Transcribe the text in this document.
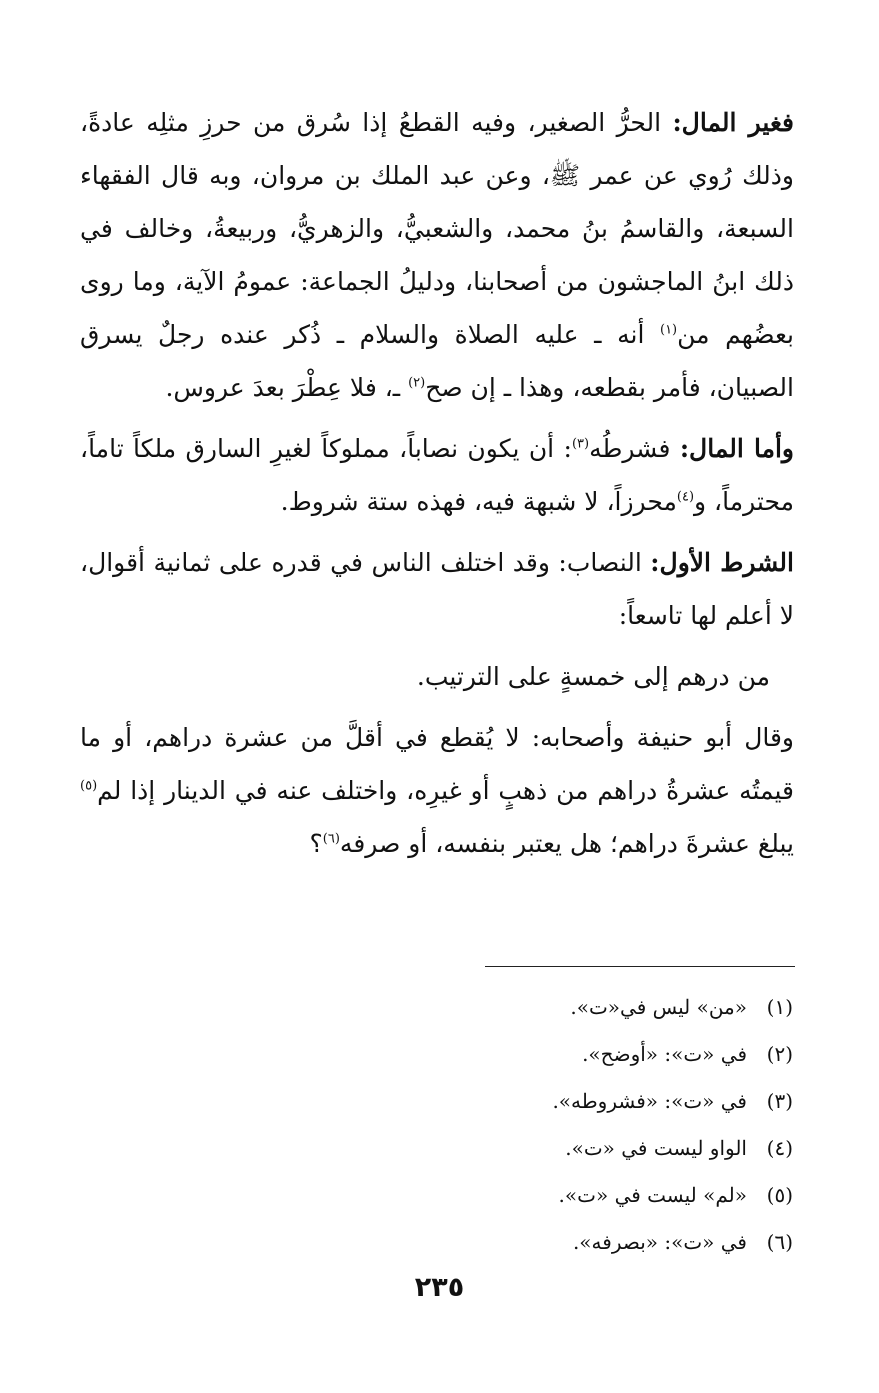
فغير المال: الحرُّ الصغير، وفيه القطعُ إذا سُرق من حرزِ مثلِه عادةً، وذلك رُوي عن عمر ﷺ، وعن عبد الملك بن مروان، وبه قال الفقهاء السبعة، والقاسمُ بنُ محمد، والشعبيُّ، والزهريُّ، وربيعةُ، وخالف في ذلك ابنُ الماجشون من أصحابنا، ودليلُ الجماعة: عمومُ الآية، وما روى بعضُهم من$^{(١)}$ أنه ـ عليه الصلاة والسلام ـ ذُكر عنده رجلٌ يسرق الصبيان، فأمر بقطعه، وهذا ـ إن صح$^{(٢)}$ ـ، فلا عِطْرَ بعدَ عروس.

وأما المال: فشرطُه$^{(٣)}$: أن يكون نصاباً، مملوكاً لغيرِ السارق ملكاً تاماً، محترماً، و$^{(٤)}$محرزاً، لا شبهة فيه، فهذه ستة شروط.

الشرط الأول: النصاب: وقد اختلف الناس في قدره على ثمانية أقوال، لا أعلم لها تاسعاً:

من درهم إلى خمسةٍ على الترتيب.

وقال أبو حنيفة وأصحابه: لا يُقطع في أقلَّ من عشرة دراهم، أو ما قيمتُه عشرةُ دراهم من ذهبٍ أو غيرِه، واختلف عنه في الدينار إذا لم$^{(٥)}$ يبلغ عشرةَ دراهم؛ هل يعتبر بنفسه، أو صرفه$^{(٦)}$؟

(١)«من» ليس في«ت».
(٢)في «ت»: «أوضح».
(٣)في «ت»: «فشروطه».
(٤)الواو ليست في «ت».
(٥)«لم» ليست في «ت».
(٦)في «ت»: «بصرفه».
٢٣٥
